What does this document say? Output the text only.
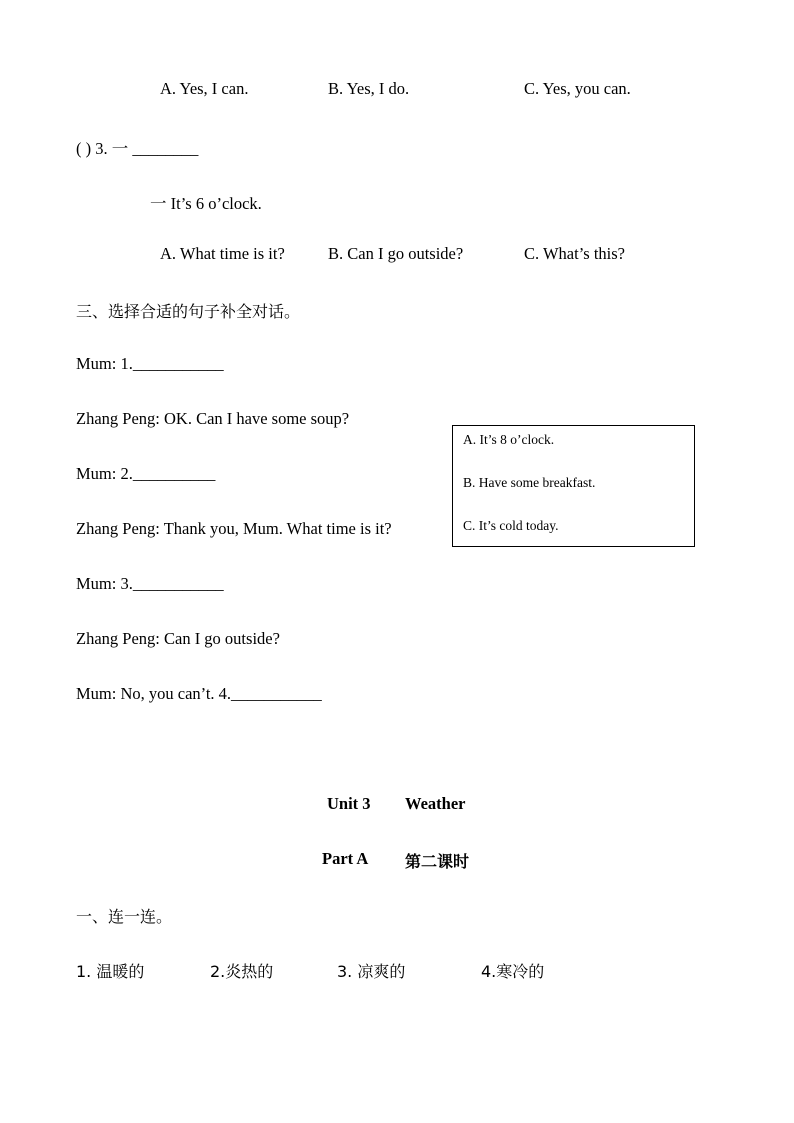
A. Yes, I can.	B. Yes, I do.	C. Yes, you can.
( ) 3. 一 ________
一 It’s 6 o’clock.
A. What time is it?	B. Can I go outside?	C. What’s this?
三、选择合适的句子补全对话。
Mum: 1.___________
Zhang Peng: OK. Can I have some soup?
Mum: 2.__________
Zhang Peng: Thank you, Mum. What time is it?
Mum: 3.___________
Zhang Peng: Can I go outside?
Mum: No, you can’t. 4.___________
A. It’s 8 o’clock.
B. Have some breakfast.
C. It’s cold today.
Unit 3 Weather
Part A 第二课时
一、连一连。
1. 温暖的	2.炎热的	3. 凉爽的	4.寒冷的
